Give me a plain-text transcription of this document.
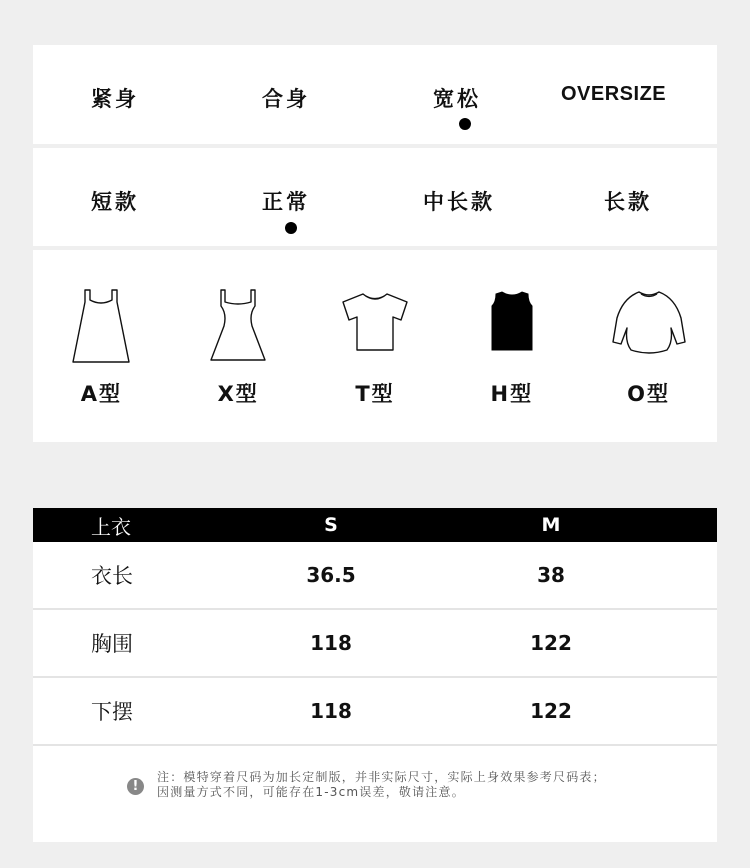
紧身	合身	宽松	OVERSIZE
短款	正常	中长款	长款
A型	X型	T型	H型	O型
上衣	S	M
衣长	36.5	38
胸围	118	122
下摆	118	122
!
注：模特穿着尺码为加长定制版，并非实际尺寸，实际上身效果参考尺码表；
因测量方式不同，可能存在1-3cm误差，敬请注意。
